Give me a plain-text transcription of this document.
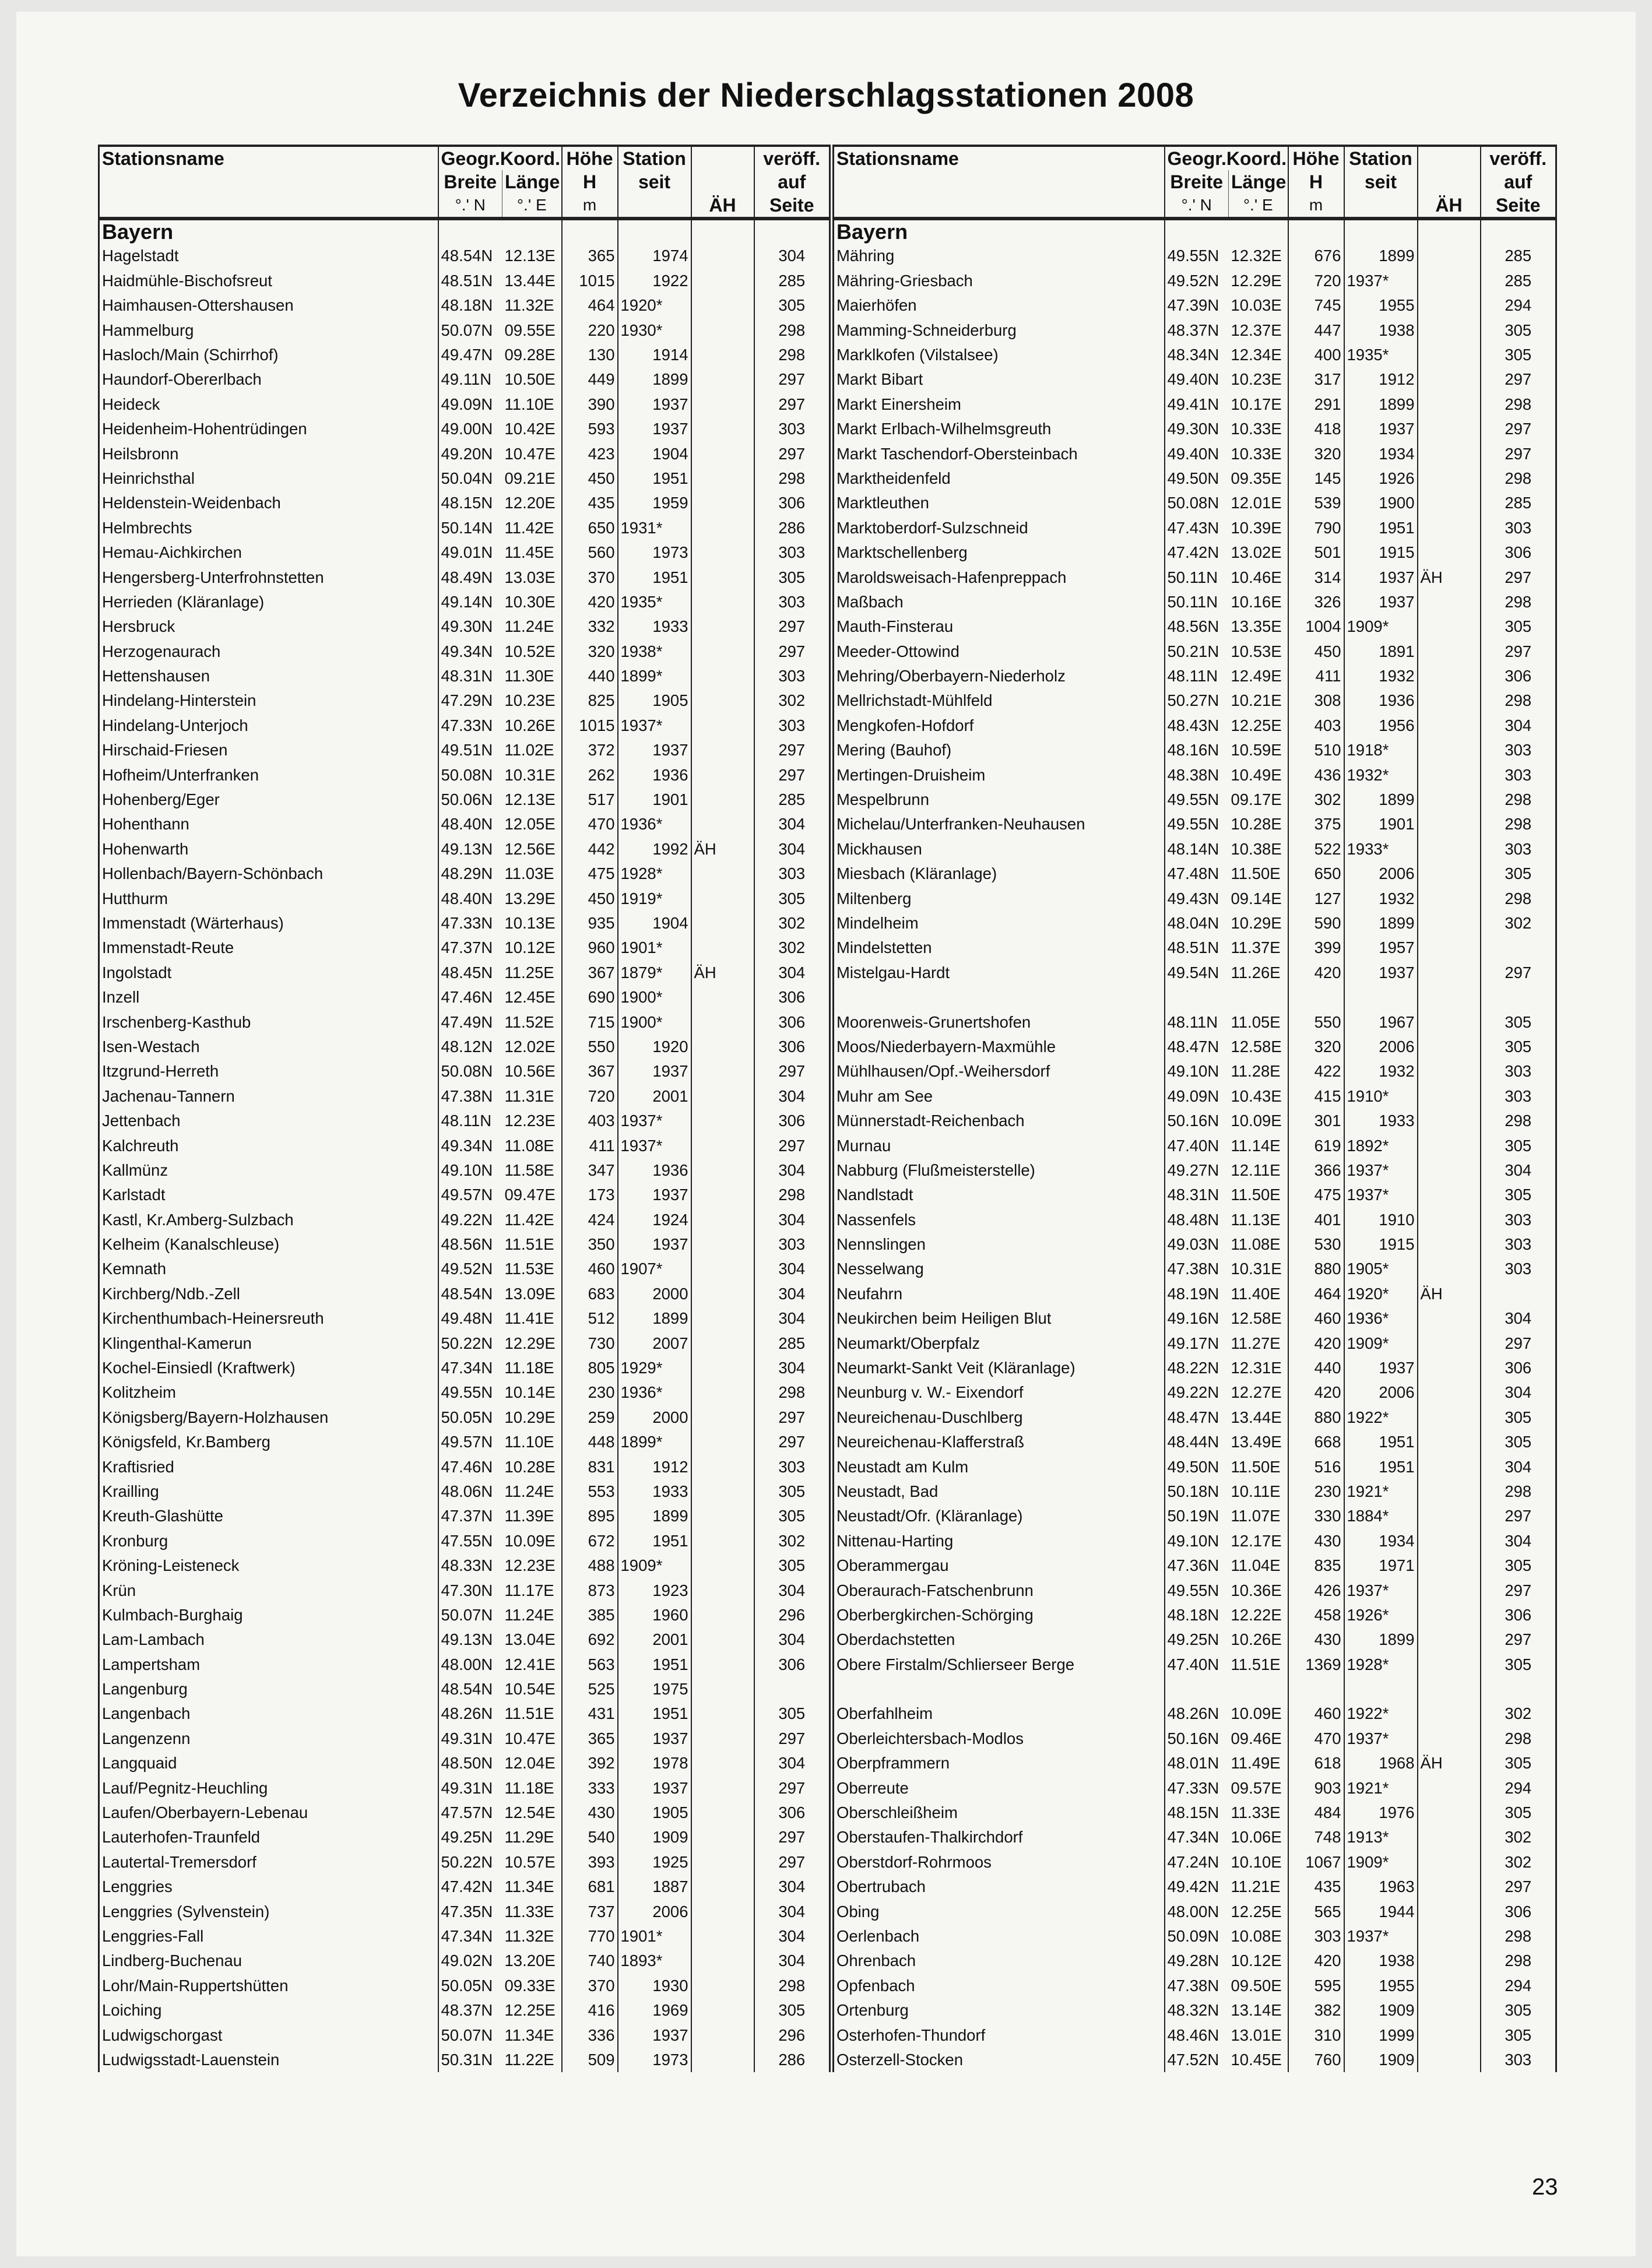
Verzeichnis der Niederschlagsstationen 2008
Stationsname	Geogr.Koord.		Höhe	Station		veröff.
	Breite	Länge	H	seit		auf
	°.' N	°.' E	m		ÄH	Seite
Bayern						
Hagelstadt	48.54N	12.13E	365	1974		304
Haidmühle-Bischofsreut	48.51N	13.44E	1015	1922		285
Haimhausen-Ottershausen	48.18N	11.32E	464	1920*		305
Hammelburg	50.07N	09.55E	220	1930*		298
Hasloch/Main (Schirrhof)	49.47N	09.28E	130	1914		298
Haundorf-Obererlbach	49.11N	10.50E	449	1899		297
Heideck	49.09N	11.10E	390	1937		297
Heidenheim-Hohentrüdingen	49.00N	10.42E	593	1937		303
Heilsbronn	49.20N	10.47E	423	1904		297
Heinrichsthal	50.04N	09.21E	450	1951		298
Heldenstein-Weidenbach	48.15N	12.20E	435	1959		306
Helmbrechts	50.14N	11.42E	650	1931*		286
Hemau-Aichkirchen	49.01N	11.45E	560	1973		303
Hengersberg-Unterfrohnstetten	48.49N	13.03E	370	1951		305
Herrieden (Kläranlage)	49.14N	10.30E	420	1935*		303
Hersbruck	49.30N	11.24E	332	1933		297
Herzogenaurach	49.34N	10.52E	320	1938*		297
Hettenshausen	48.31N	11.30E	440	1899*		303
Hindelang-Hinterstein	47.29N	10.23E	825	1905		302
Hindelang-Unterjoch	47.33N	10.26E	1015	1937*		303
Hirschaid-Friesen	49.51N	11.02E	372	1937		297
Hofheim/Unterfranken	50.08N	10.31E	262	1936		297
Hohenberg/Eger	50.06N	12.13E	517	1901		285
Hohenthann	48.40N	12.05E	470	1936*		304
Hohenwarth	49.13N	12.56E	442	1992	ÄH	304
Hollenbach/Bayern-Schönbach	48.29N	11.03E	475	1928*		303
Hutthurm	48.40N	13.29E	450	1919*		305
Immenstadt (Wärterhaus)	47.33N	10.13E	935	1904		302
Immenstadt-Reute	47.37N	10.12E	960	1901*		302
Ingolstadt	48.45N	11.25E	367	1879*	ÄH	304
Inzell	47.46N	12.45E	690	1900*		306
Irschenberg-Kasthub	47.49N	11.52E	715	1900*		306
Isen-Westach	48.12N	12.02E	550	1920		306
Itzgrund-Herreth	50.08N	10.56E	367	1937		297
Jachenau-Tannern	47.38N	11.31E	720	2001		304
Jettenbach	48.11N	12.23E	403	1937*		306
Kalchreuth	49.34N	11.08E	411	1937*		297
Kallmünz	49.10N	11.58E	347	1936		304
Karlstadt	49.57N	09.47E	173	1937		298
Kastl, Kr.Amberg-Sulzbach	49.22N	11.42E	424	1924		304
Kelheim (Kanalschleuse)	48.56N	11.51E	350	1937		303
Kemnath	49.52N	11.53E	460	1907*		304
Kirchberg/Ndb.-Zell	48.54N	13.09E	683	2000		304
Kirchenthumbach-Heinersreuth	49.48N	11.41E	512	1899		304
Klingenthal-Kamerun	50.22N	12.29E	730	2007		285
Kochel-Einsiedl (Kraftwerk)	47.34N	11.18E	805	1929*		304
Kolitzheim	49.55N	10.14E	230	1936*		298
Königsberg/Bayern-Holzhausen	50.05N	10.29E	259	2000		297
Königsfeld, Kr.Bamberg	49.57N	11.10E	448	1899*		297
Kraftisried	47.46N	10.28E	831	1912		303
Krailling	48.06N	11.24E	553	1933		305
Kreuth-Glashütte	47.37N	11.39E	895	1899		305
Kronburg	47.55N	10.09E	672	1951		302
Kröning-Leisteneck	48.33N	12.23E	488	1909*		305
Krün	47.30N	11.17E	873	1923		304
Kulmbach-Burghaig	50.07N	11.24E	385	1960		296
Lam-Lambach	49.13N	13.04E	692	2001		304
Lampertsham	48.00N	12.41E	563	1951		306
Langenburg	48.54N	10.54E	525	1975		
Langenbach	48.26N	11.51E	431	1951		305
Langenzenn	49.31N	10.47E	365	1937		297
Langquaid	48.50N	12.04E	392	1978		304
Lauf/Pegnitz-Heuchling	49.31N	11.18E	333	1937		297
Laufen/Oberbayern-Lebenau	47.57N	12.54E	430	1905		306
Lauterhofen-Traunfeld	49.25N	11.29E	540	1909		297
Lautertal-Tremersdorf	50.22N	10.57E	393	1925		297
Lenggries	47.42N	11.34E	681	1887		304
Lenggries (Sylvenstein)	47.35N	11.33E	737	2006		304
Lenggries-Fall	47.34N	11.32E	770	1901*		304
Lindberg-Buchenau	49.02N	13.20E	740	1893*		304
Lohr/Main-Ruppertshütten	50.05N	09.33E	370	1930		298
Loiching	48.37N	12.25E	416	1969		305
Ludwigschorgast	50.07N	11.34E	336	1937		296
Ludwigsstadt-Lauenstein	50.31N	11.22E	509	1973		286
Stationsname	Geogr.Koord.		Höhe	Station		veröff.
	Breite	Länge	H	seit		auf
	°.' N	°.' E	m		ÄH	Seite
Bayern						
Mähring	49.55N	12.32E	676	1899		285
Mähring-Griesbach	49.52N	12.29E	720	1937*		285
Maierhöfen	47.39N	10.03E	745	1955		294
Mamming-Schneiderburg	48.37N	12.37E	447	1938		305
Marklkofen (Vilstalsee)	48.34N	12.34E	400	1935*		305
Markt Bibart	49.40N	10.23E	317	1912		297
Markt Einersheim	49.41N	10.17E	291	1899		298
Markt Erlbach-Wilhelmsgreuth	49.30N	10.33E	418	1937		297
Markt Taschendorf-Obersteinbach	49.40N	10.33E	320	1934		297
Marktheidenfeld	49.50N	09.35E	145	1926		298
Marktleuthen	50.08N	12.01E	539	1900		285
Marktoberdorf-Sulzschneid	47.43N	10.39E	790	1951		303
Marktschellenberg	47.42N	13.02E	501	1915		306
Maroldsweisach-Hafenpreppach	50.11N	10.46E	314	1937	ÄH	297
Maßbach	50.11N	10.16E	326	1937		298
Mauth-Finsterau	48.56N	13.35E	1004	1909*		305
Meeder-Ottowind	50.21N	10.53E	450	1891		297
Mehring/Oberbayern-Niederholz	48.11N	12.49E	411	1932		306
Mellrichstadt-Mühlfeld	50.27N	10.21E	308	1936		298
Mengkofen-Hofdorf	48.43N	12.25E	403	1956		304
Mering (Bauhof)	48.16N	10.59E	510	1918*		303
Mertingen-Druisheim	48.38N	10.49E	436	1932*		303
Mespelbrunn	49.55N	09.17E	302	1899		298
Michelau/Unterfranken-Neuhausen	49.55N	10.28E	375	1901		298
Mickhausen	48.14N	10.38E	522	1933*		303
Miesbach (Kläranlage)	47.48N	11.50E	650	2006		305
Miltenberg	49.43N	09.14E	127	1932		298
Mindelheim	48.04N	10.29E	590	1899		302
Mindelstetten	48.51N	11.37E	399	1957		
Mistelgau-Hardt	49.54N	11.26E	420	1937		297

Moorenweis-Grunertshofen	48.11N	11.05E	550	1967		305
Moos/Niederbayern-Maxmühle	48.47N	12.58E	320	2006		305
Mühlhausen/Opf.-Weihersdorf	49.10N	11.28E	422	1932		303
Muhr am See	49.09N	10.43E	415	1910*		303
Münnerstadt-Reichenbach	50.16N	10.09E	301	1933		298
Murnau	47.40N	11.14E	619	1892*		305
Nabburg (Flußmeisterstelle)	49.27N	12.11E	366	1937*		304
Nandlstadt	48.31N	11.50E	475	1937*		305
Nassenfels	48.48N	11.13E	401	1910		303
Nennslingen	49.03N	11.08E	530	1915		303
Nesselwang	47.38N	10.31E	880	1905*		303
Neufahrn	48.19N	11.40E	464	1920*	ÄH	
Neukirchen beim Heiligen Blut	49.16N	12.58E	460	1936*		304
Neumarkt/Oberpfalz	49.17N	11.27E	420	1909*		297
Neumarkt-Sankt Veit (Kläranlage)	48.22N	12.31E	440	1937		306
Neunburg v. W.- Eixendorf	49.22N	12.27E	420	2006		304
Neureichenau-Duschlberg	48.47N	13.44E	880	1922*		305
Neureichenau-Klafferstraß	48.44N	13.49E	668	1951		305
Neustadt am Kulm	49.50N	11.50E	516	1951		304
Neustadt, Bad	50.18N	10.11E	230	1921*		298
Neustadt/Ofr. (Kläranlage)	50.19N	11.07E	330	1884*		297
Nittenau-Harting	49.10N	12.17E	430	1934		304
Oberammergau	47.36N	11.04E	835	1971		305
Oberaurach-Fatschenbrunn	49.55N	10.36E	426	1937*		297
Oberbergkirchen-Schörging	48.18N	12.22E	458	1926*		306
Oberdachstetten	49.25N	10.26E	430	1899		297
Obere Firstalm/Schlierseer Berge	47.40N	11.51E	1369	1928*		305

Oberfahlheim	48.26N	10.09E	460	1922*		302
Oberleichtersbach-Modlos	50.16N	09.46E	470	1937*		298
Oberpframmern	48.01N	11.49E	618	1968	ÄH	305
Oberreute	47.33N	09.57E	903	1921*		294
Oberschleißheim	48.15N	11.33E	484	1976		305
Oberstaufen-Thalkirchdorf	47.34N	10.06E	748	1913*		302
Oberstdorf-Rohrmoos	47.24N	10.10E	1067	1909*		302
Obertrubach	49.42N	11.21E	435	1963		297
Obing	48.00N	12.25E	565	1944		306
Oerlenbach	50.09N	10.08E	303	1937*		298
Ohrenbach	49.28N	10.12E	420	1938		298
Opfenbach	47.38N	09.50E	595	1955		294
Ortenburg	48.32N	13.14E	382	1909		305
Osterhofen-Thundorf	48.46N	13.01E	310	1999		305
Osterzell-Stocken	47.52N	10.45E	760	1909		303
23
